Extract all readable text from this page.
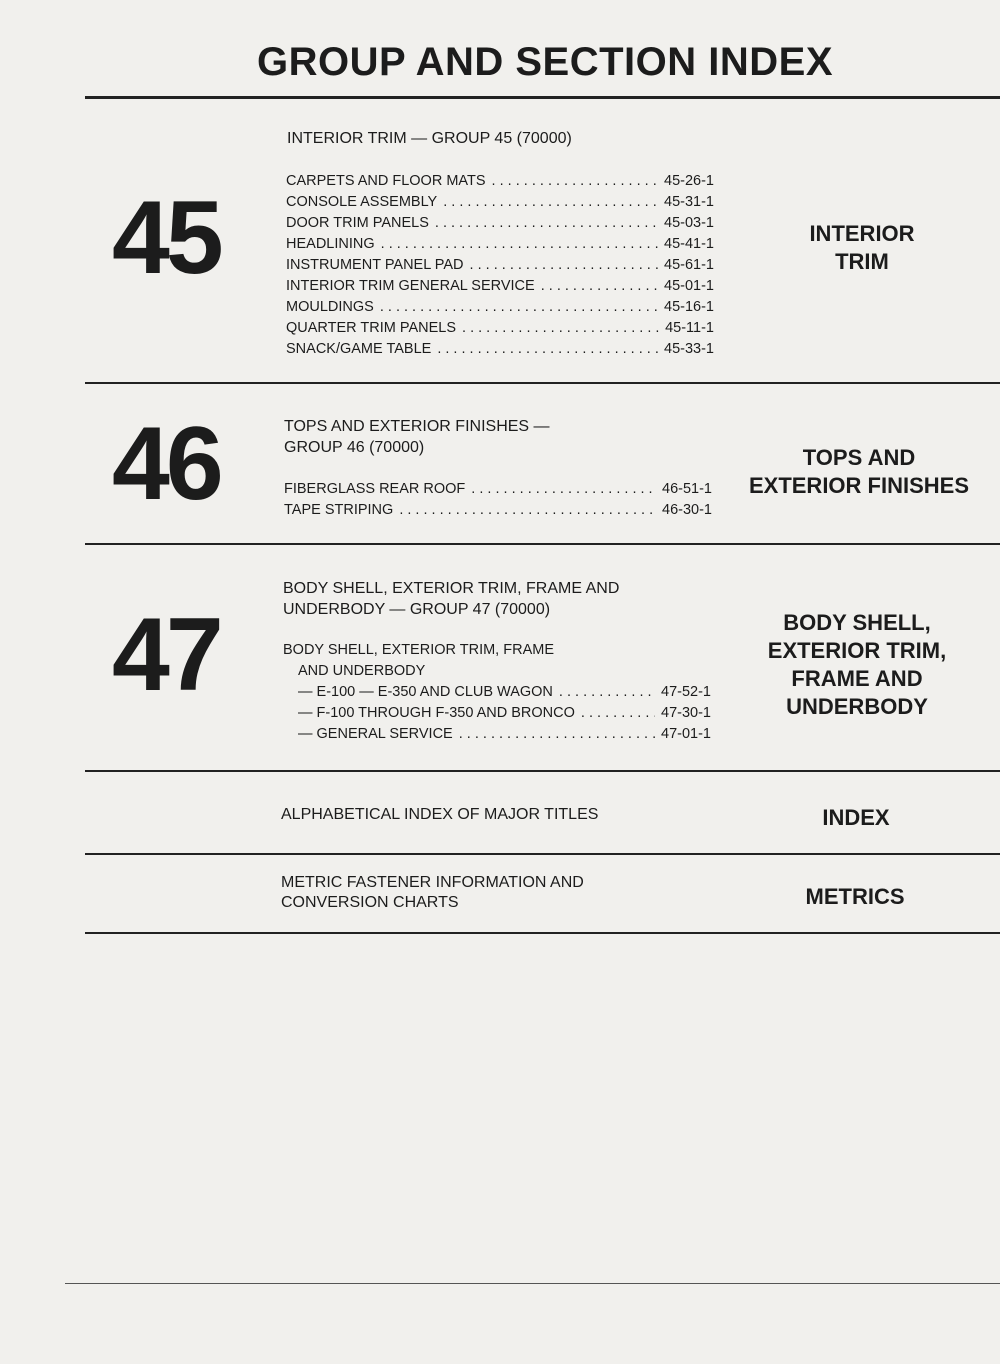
GROUP AND SECTION INDEX
45
INTERIOR TRIM — GROUP 45 (70000)
CARPETS AND FLOOR MATS . . .	45-26-1
CONSOLE ASSEMBLY . . .	45-31-1
DOOR TRIM PANELS . . .	45-03-1
HEADLINING . . .	45-41-1
INSTRUMENT PANEL PAD . . .	45-61-1
INTERIOR TRIM GENERAL SERVICE . . .	45-01-1
MOULDINGS . . .	45-16-1
QUARTER TRIM PANELS . . .	45-11-1
SNACK/GAME TABLE . . .	45-33-1
INTERIOR
TRIM
46	TOPS AND EXTERIOR FINISHES —
GROUP 46 (70000)
FIBERGLASS REAR ROOF . . .	46-51-1
TAPE STRIPING . . .	46-30-1
TOPS AND
EXTERIOR FINISHES
47
BODY SHELL, EXTERIOR TRIM, FRAME AND
UNDERBODY — GROUP 47 (70000)
BODY SHELL, EXTERIOR TRIM, FRAME
AND UNDERBODY
— E-100 — E-350 AND CLUB WAGON . . .	47-52-1
— F-100 THROUGH F-350 AND BRONCO . . .	47-30-1
— GENERAL SERVICE . . .	47-01-1
BODY SHELL,
EXTERIOR TRIM,
FRAME AND
UNDERBODY
ALPHABETICAL INDEX OF MAJOR TITLES	INDEX
METRIC FASTENER INFORMATION AND
CONVERSION CHARTS	METRICS
